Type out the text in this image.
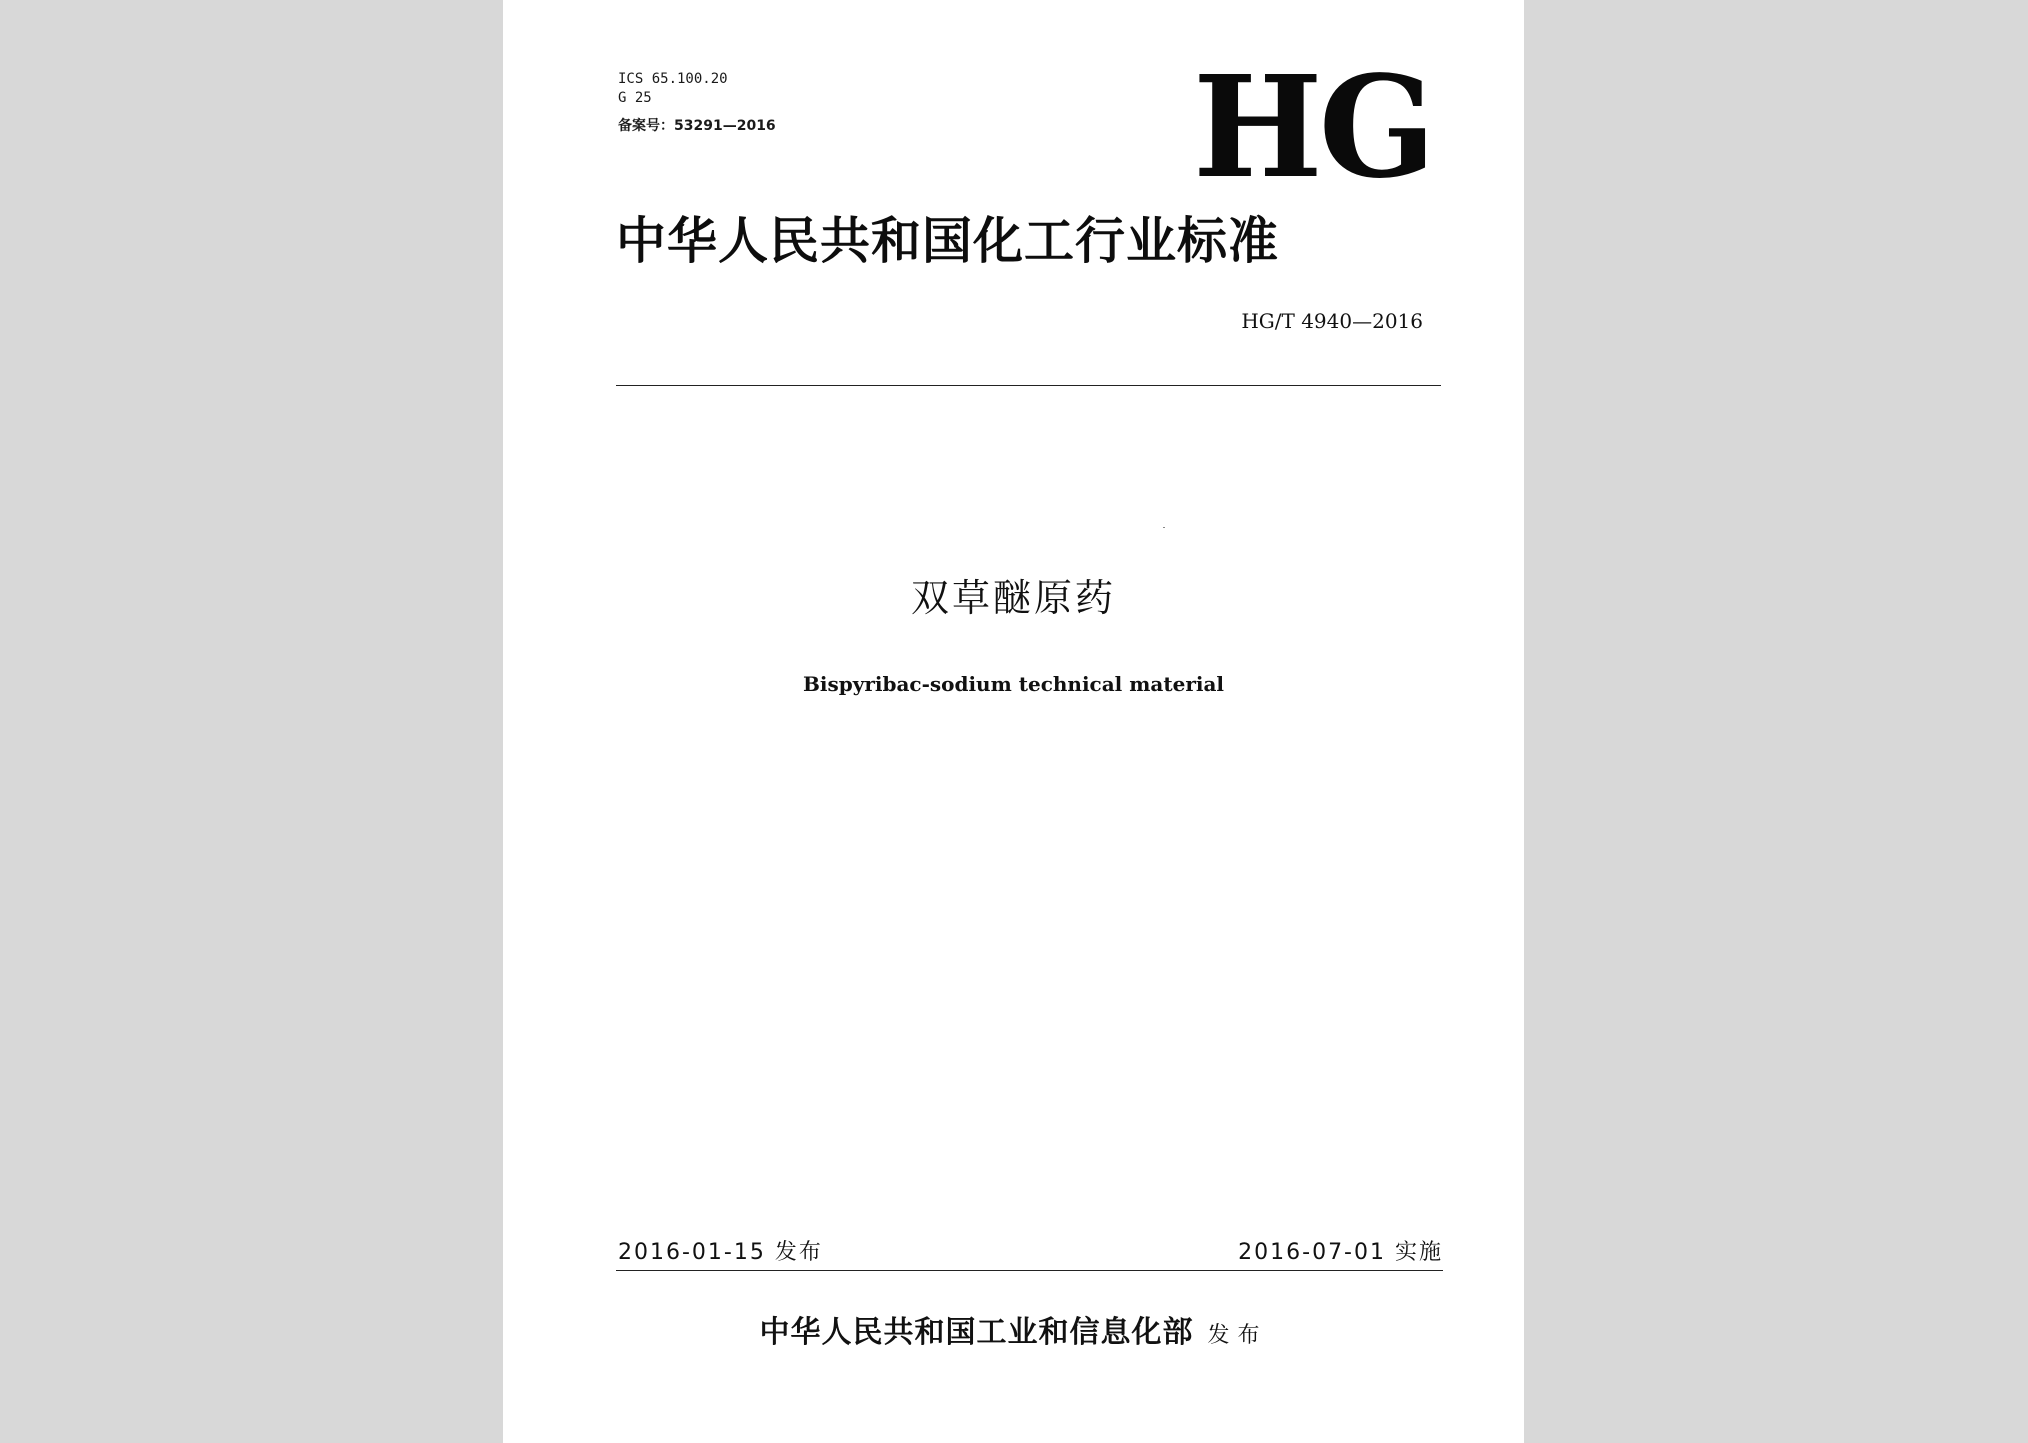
ICS 65.100.20
G 25
备案号：53291—2016	HG
中华人民共和国化工行业标准
HG/T 4940—2016
双草醚原药
Bispyribac-sodium technical material
2016-01-15 发布	2016-07-01 实施
中华人民共和国工业和信息化部 发布
